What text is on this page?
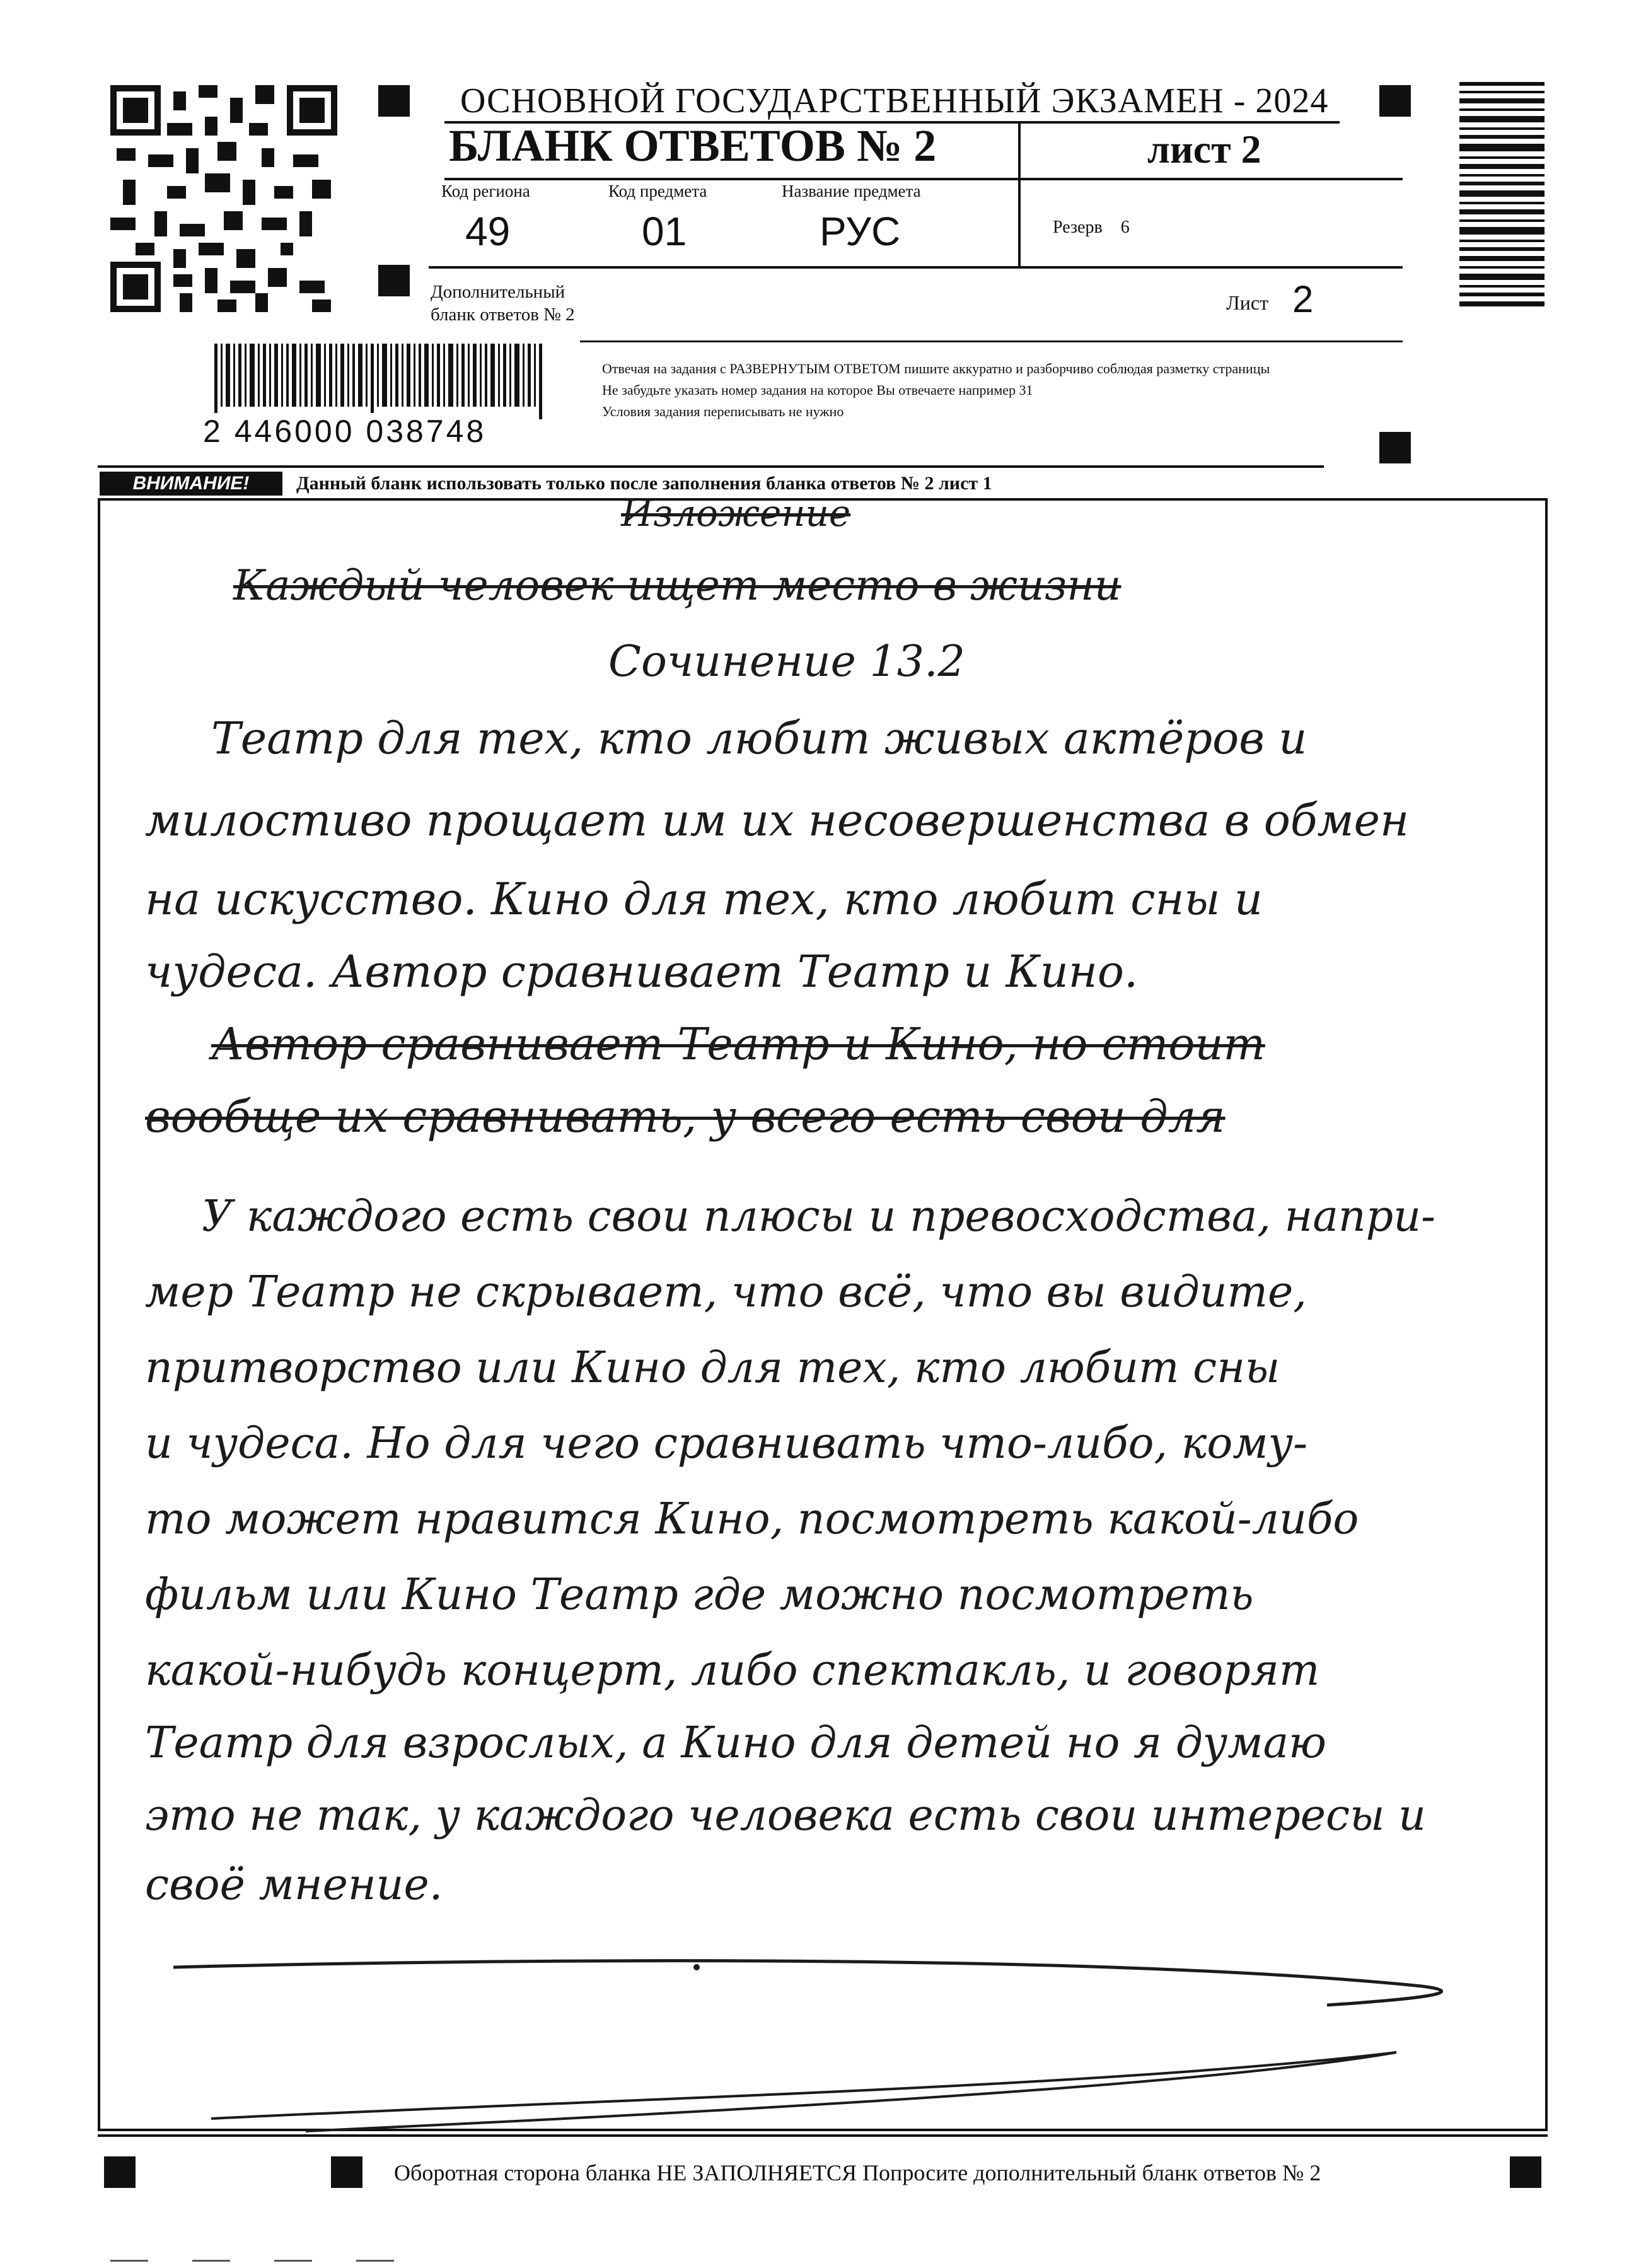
ОСНОВНОЙ ГОСУДАРСТВЕННЫЙ ЭКЗАМЕН - 2024
БЛАНК ОТВЕТОВ № 2	лист 2
Код региона	Код предмета	Название предмета
49	01	РУС	Резерв 6
Дополнительный
бланк ответов № 2
Лист 2
2 446000 038748
Отвечая на задания с РАЗВЕРНУТЫМ ОТВЕТОМ пишите аккуратно и разборчиво соблюдая разметку страницы
Не забудьте указать номер задания на которое Вы отвечаете например 31
Условия задания переписывать не нужно
ВНИМАНИЕ!	Данный бланк использовать только после заполнения бланка ответов № 2 лист 1
Изложение
Каждый человек ищет место в жизни
Сочинение 13.2
Театр для тех, кто любит живых актёров и
милостиво прощает им их несовершенства в обмен
на искусство. Кино для тех, кто любит сны и
чудеса. Автор сравнивает Театр и Кино.
Автор сравнивает Театр и Кино, но стоит
вообще их сравнивать, у всего есть свои для
У каждого есть свои плюсы и превосходства, напри-
мер Театр не скрывает, что всё, что вы видите,
притворство или Кино для тех, кто любит сны
и чудеса. Но для чего сравнивать что-либо, кому-
то может нравится Кино, посмотреть какой-либо
фильм или Кино Театр где можно посмотреть
какой-нибудь концерт, либо спектакль, и говорят
Театр для взрослых, а Кино для детей но я думаю
это не так, у каждого человека есть свои интересы и
своё мнение.
Оборотная сторона бланка НЕ ЗАПОЛНЯЕТСЯ Попросите дополнительный бланк ответов № 2
